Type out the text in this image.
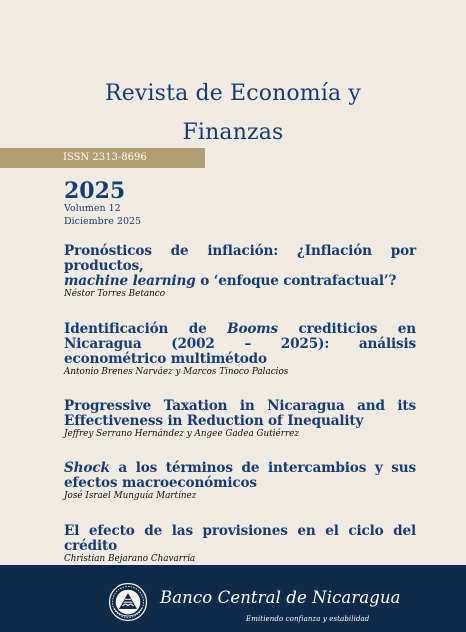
Revista de Economía y
Finanzas
ISSN 2313-8696
2025
Volumen 12
Diciembre 2025
Pronósticos de inflación: ¿Inflación por productos,
machine learning o ‘enfoque contrafactual’?

Néstor Torres Betanco

Identificación de Booms crediticios en Nicaragua (2002 – 2025): análisis econométrico multimétodo

Antonio Brenes Narváez y Marcos Tinoco Palacios

Progressive Taxation in Nicaragua and its Effectiveness in Reduction of Inequality

Jeffrey Serrano Hernández y Angee Gadea Gutiérrez

Shock a los términos de intercambios y sus efectos macroeconómicos

José Israel Munguía Martínez

El efecto de las provisiones en el ciclo del crédito

Christian Bejarano Chavarría

Banco Central de Nicaragua
Emitiendo confianza y estabilidad
